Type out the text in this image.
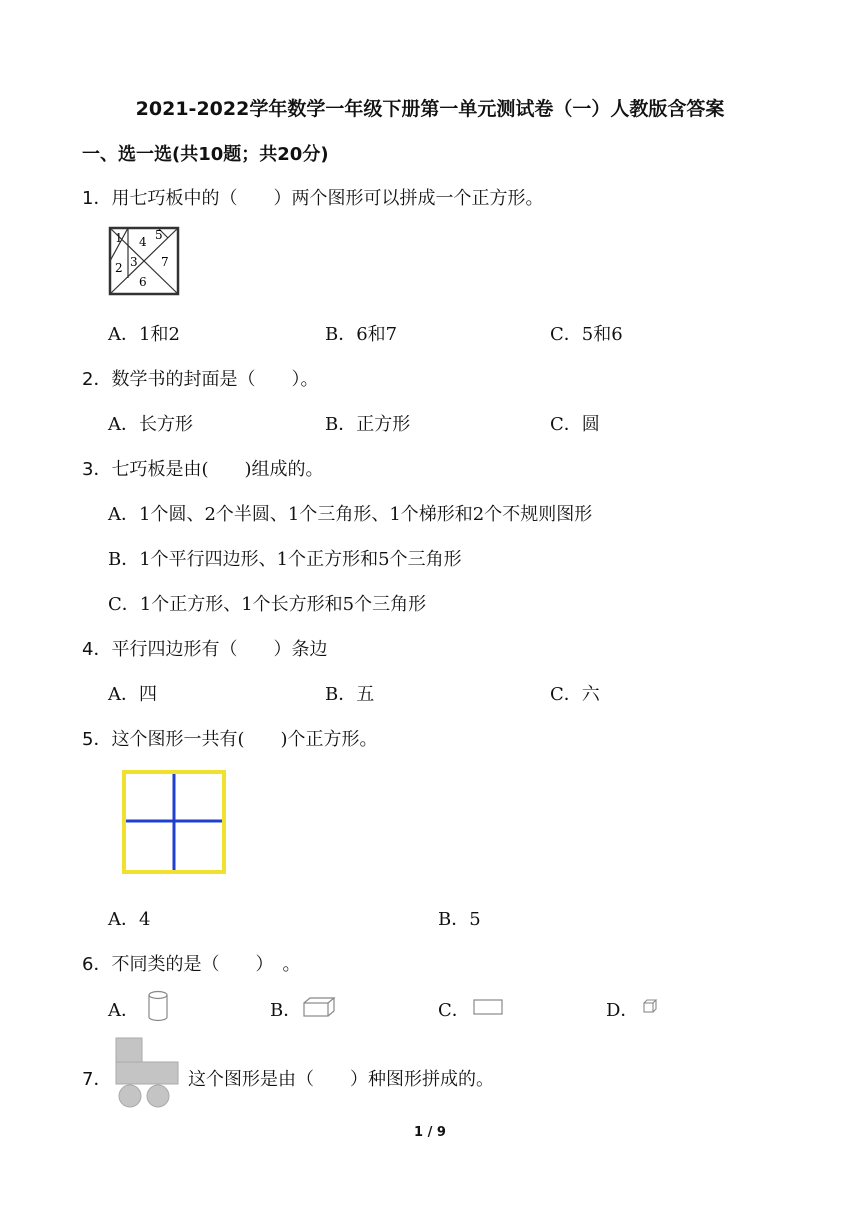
2021-2022学年数学一年级下册第一单元测试卷（一）人教版含答案
一、选一选(共10题；共20分)
1．用七巧板中的（　　）两个图形可以拼成一个正方形。
1
2 3
4 5
6
7
A．1和2	B．6和7	C．5和6
2．数学书的封面是（　　）。
A．长方形	B．正方形	C．圆
3．七巧板是由(　　)组成的。
A．1个圆、2个半圆、1个三角形、1个梯形和2个不规则图形
B．1个平行四边形、1个正方形和5个三角形
C．1个正方形、1个长方形和5个三角形
4．平行四边形有（　　）条边
A．四	B．五	C．六
5．这个图形一共有(　　)个正方形。
A．4	B．5
6．不同类的是（　　）　。
A．	B．	C．	D．
7．	这个图形是由（　　）种图形拼成的。
1 / 9
